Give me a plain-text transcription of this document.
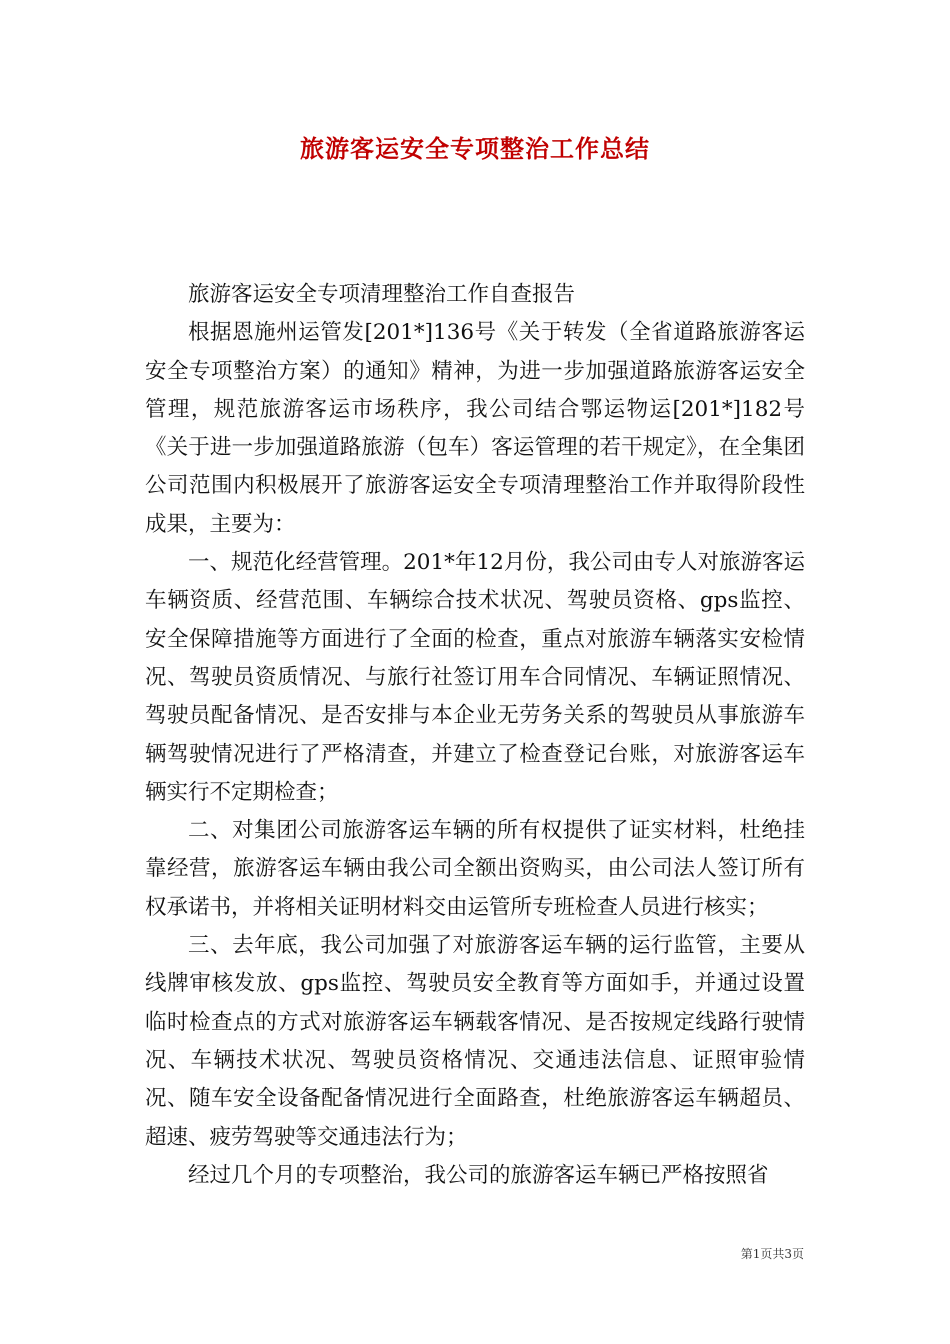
旅游客运安全专项整治工作总结

旅游客运安全专项清理整治工作自查报告

根据恩施州运管发[201*]136号《关于转发（全省道路旅游客运安全专项整治方案）的通知》精神，为进一步加强道路旅游客运安全管理，规范旅游客运市场秩序，我公司结合鄂运物运[201*]182号《关于进一步加强道路旅游（包车）客运管理的若干规定》，在全集团公司范围内积极展开了旅游客运安全专项清理整治工作并取得阶段性成果，主要为：

一、规范化经营管理。201*年12月份，我公司由专人对旅游客运车辆资质、经营范围、车辆综合技术状况、驾驶员资格、gps监控、安全保障措施等方面进行了全面的检查，重点对旅游车辆落实安检情况、驾驶员资质情况、与旅行社签订用车合同情况、车辆证照情况、驾驶员配备情况、是否安排与本企业无劳务关系的驾驶员从事旅游车辆驾驶情况进行了严格清查，并建立了检查登记台账，对旅游客运车辆实行不定期检查；

二、对集团公司旅游客运车辆的所有权提供了证实材料，杜绝挂靠经营，旅游客运车辆由我公司全额出资购买，由公司法人签订所有权承诺书，并将相关证明材料交由运管所专班检查人员进行核实；

三、去年底，我公司加强了对旅游客运车辆的运行监管，主要从线牌审核发放、gps监控、驾驶员安全教育等方面如手，并通过设置临时检查点的方式对旅游客运车辆载客情况、是否按规定线路行驶情况、车辆技术状况、驾驶员资格情况、交通违法信息、证照审验情况、随车安全设备配备情况进行全面路查，杜绝旅游客运车辆超员、超速、疲劳驾驶等交通违法行为；

经过几个月的专项整治，我公司的旅游客运车辆已严格按照省

第1页共3页
